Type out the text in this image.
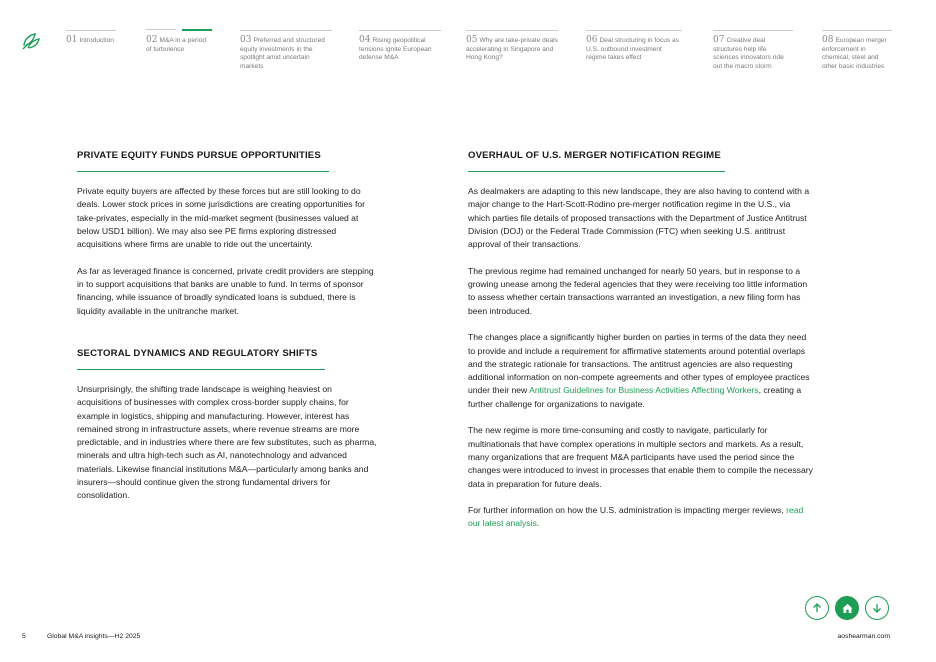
01 Introduction	02 M&A in a period of turbulence
03 Preferred and structured equity investments in the spotlight amid uncertain markets
04 Rising geopolitical tensions ignite European defense M&A
05 Why are take-private deals accelerating in Singapore and Hong Kong?
06 Deal structuring in focus as U.S. outbound investment regime takes effect
07 Creative deal structures help life sciences innovators ride out the macro storm
08 European merger enforcement in chemical, steel and other basic industries
PRIVATE EQUITY FUNDS PURSUE OPPORTUNITIES

Private equity buyers are affected by these forces but are still looking to do deals. Lower stock prices in some jurisdictions are creating opportunities for take-privates, especially in the mid-market segment (businesses valued at below USD1 billion). We may also see PE firms exploring distressed acquisitions where firms are unable to ride out the uncertainty.

As far as leveraged finance is concerned, private credit providers are stepping in to support acquisitions that banks are unable to fund. In terms of sponsor financing, while issuance of broadly syndicated loans is subdued, there is liquidity available in the unitranche market.

SECTORAL DYNAMICS AND REGULATORY SHIFTS

Unsurprisingly, the shifting trade landscape is weighing heaviest on acquisitions of businesses with complex cross-border supply chains, for example in logistics, shipping and manufacturing. However, interest has remained strong in infrastructure assets, where revenue streams are more predictable, and in industries where there are few substitutes, such as pharma, minerals and ultra high-tech such as AI, nanotechnology and advanced materials. Likewise financial institutions M&A—particularly among banks and insurers—should continue given the strong fundamental drivers for consolidation.

OVERHAUL OF U.S. MERGER NOTIFICATION REGIME

As dealmakers are adapting to this new landscape, they are also having to contend with a major change to the Hart-Scott-Rodino pre-merger notification regime in the U.S., via which parties file details of proposed transactions with the Department of Justice Antitrust Division (DOJ) or the Federal Trade Commission (FTC) when seeking U.S. antitrust approval of their transactions.

The previous regime had remained unchanged for nearly 50 years, but in response to a growing unease among the federal agencies that they were receiving too little information to assess whether certain transactions warranted an investigation, a new filing form has been introduced.

The changes place a significantly higher burden on parties in terms of the data they need to provide and include a requirement for affirmative statements around potential overlaps and the strategic rationale for transactions. The antitrust agencies are also requesting additional information on non-compete agreements and other types of employee practices under their new Antitrust Guidelines for Business Activities Affecting Workers, creating a further challenge for organizations to navigate.

The new regime is more time-consuming and costly to navigate, particularly for multinationals that have complex operations in multiple sectors and markets. As a result, many organizations that are frequent M&A participants have used the period since the changes were introduced to invest in processes that enable them to compile the necessary data in preparation for future deals.

For further information on how the U.S. administration is impacting merger reviews, read our latest analysis.

5	Global M&A insights—H2 2025	aoshearman.com
